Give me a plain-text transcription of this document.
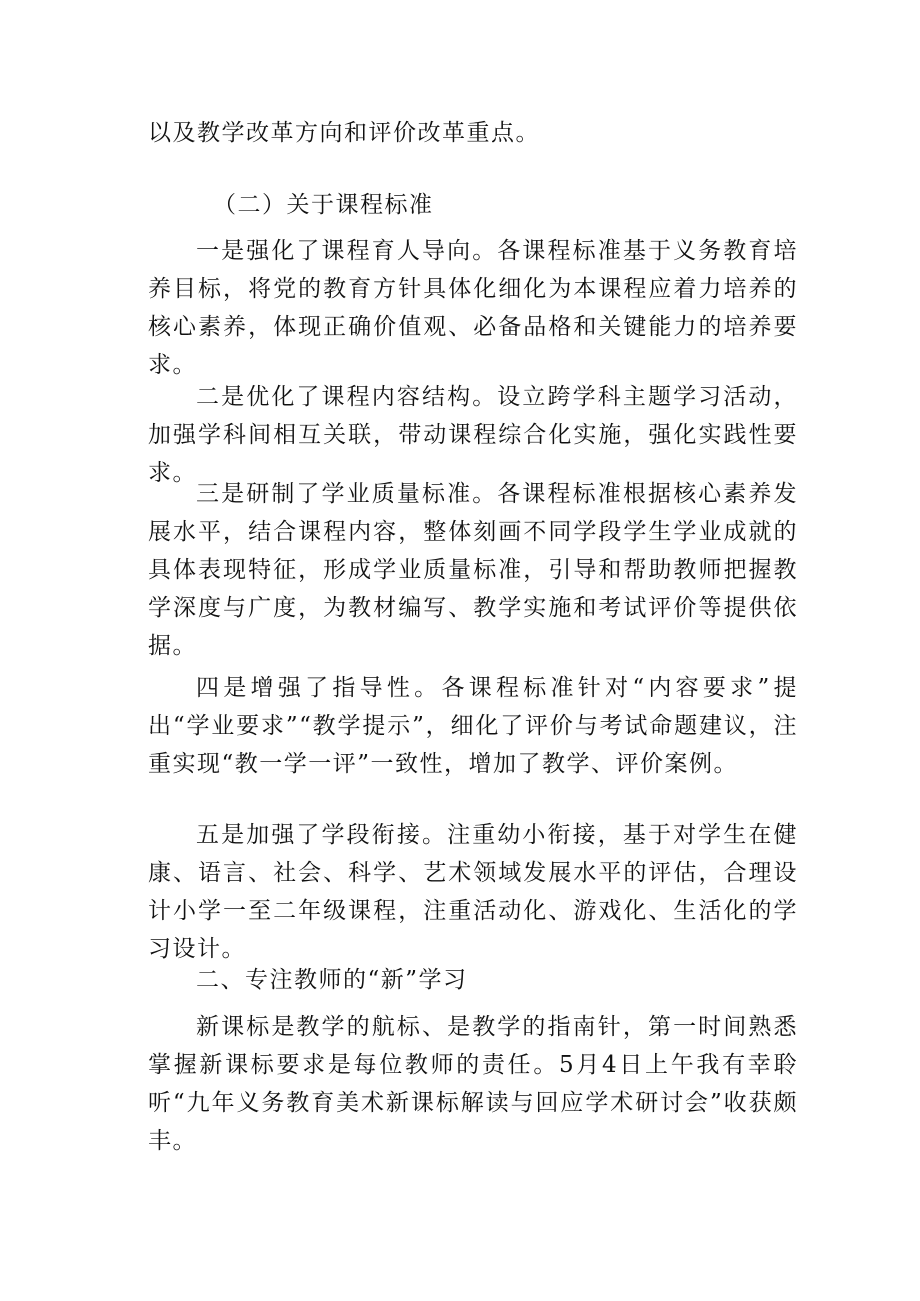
以及教学改革方向和评价改革重点。

（二）关于课程标准

一是强化了课程育人导向。各课程标准基于义务教育培养目标，将党的教育方针具体化细化为本课程应着力培养的核心素养，体现正确价值观、必备品格和关键能力的培养要求。

二是优化了课程内容结构。设立跨学科主题学习活动，加强学科间相互关联，带动课程综合化实施，强化实践性要求。

三是研制了学业质量标准。各课程标准根据核心素养发展水平，结合课程内容，整体刻画不同学段学生学业成就的具体表现特征，形成学业质量标准，引导和帮助教师把握教学深度与广度，为教材编写、教学实施和考试评价等提供依据。

四是增强了指导性。各课程标准针对“内容要求”提出“学业要求”“教学提示”，细化了评价与考试命题建议，注重实现“教一学一评”一致性，增加了教学、评价案例。

五是加强了学段衔接。注重幼小衔接，基于对学生在健康、语言、社会、科学、艺术领域发展水平的评估，合理设计小学一至二年级课程，注重活动化、游戏化、生活化的学习设计。

二、专注教师的“新”学习

新课标是教学的航标、是教学的指南针，第一时间熟悉掌握新课标要求是每位教师的责任。5月4日上午我有幸聆听“九年义务教育美术新课标解读与回应学术研讨会”收获颇丰。
